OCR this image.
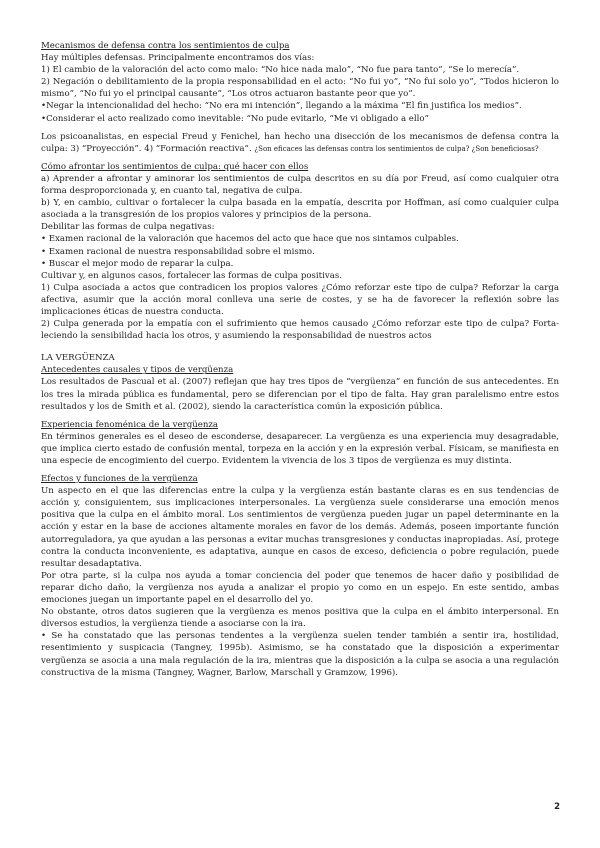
Mecanismos de defensa contra los sentimientos de culpa

Hay múltiples defensas. Principalmente encontramos dos vías:

1) El cambio de la valoración del acto como malo: “No hice nada malo”, “No fue para tanto”, “Se lo merecía”.

2) Negación o debilitamiento de la propia responsabilidad en el acto: “No fui yo”, “No fui solo yo”, “Todos hicieron lo mismo”, “No fui yo el principal causante”, “Los otros actuaron bastante peor que yo”.

•Negar la intencionalidad del hecho: “No era mi intención”, llegando a la máxima “El fin justifica los medios”.

•Considerar el acto realizado como inevitable: “No pude evitarlo, “Me vi obligado a ello”

Los psicoanalistas, en especial Freud y Fenichel, han hecho una disección de los mecanismos de defensa contra la culpa: 3) “Proyección”. 4) “Formación reactiva”. ¿Son eficaces las defensas contra los sentimientos de culpa? ¿Son beneficiosas?

Cómo afrontar los sentimientos de culpa: qué hacer con ellos

a) Aprender a afrontar y aminorar los sentimientos de culpa descritos en su día por Freud, así como cualquier otra forma desproporcionada y, en cuanto tal, negativa de culpa.

b) Y, en cambio, cultivar o fortalecer la culpa basada en la empatía, descrita por Hoffman, así como cualquier culpa asociada a la transgresión de los propios valores y principios de la persona.

Debilitar las formas de culpa negativas:

• Examen racional de la valoración que hacemos del acto que hace que nos sintamos culpables.

• Examen racional de nuestra responsabilidad sobre el mismo.

• Buscar el mejor modo de reparar la culpa.

Cultivar y, en algunos casos, fortalecer las formas de culpa positivas.

1) Culpa asociada a actos que contradicen los propios valores ¿Cómo reforzar este tipo de culpa? Reforzar la carga afectiva, asumir que la acción moral conlleva una serie de costes, y se ha de favorecer la reflexión sobre las implicaciones éticas de nuestra conducta.

2) Culpa generada por la empatía con el sufrimiento que hemos causado ¿Cómo reforzar este tipo de culpa? Forta-leciendo la sensibilidad hacia los otros, y asumiendo la responsabilidad de nuestros actos

LA VERGÜENZA

Antecedentes causales y tipos de vergüenza

Los resultados de Pascual et al. (2007) reflejan que hay tres tipos de “vergüenza” en función de sus antecedentes. En los tres la mirada pública es fundamental, pero se diferencian por el tipo de falta. Hay gran paralelismo entre estos resultados y los de Smith et al. (2002), siendo la característica común la exposición pública.

Experiencia fenoménica de la vergüenza

En términos generales es el deseo de esconderse, desaparecer. La vergüenza es una experiencia muy desagradable, que implica cierto estado de confusión mental, torpeza en la acción y en la expresión verbal. Físicam, se manifiesta en una especie de encogimiento del cuerpo. Evidentem la vivencia de los 3 tipos de vergüenza es muy distinta.

Efectos y funciones de la vergüenza

Un aspecto en el que las diferencias entre la culpa y la vergüenza están bastante claras es en sus tendencias de acción y, consiguientem, sus implicaciones interpersonales. La vergüenza suele considerarse una emoción menos positiva que la culpa en el ámbito moral. Los sentimientos de vergüenza pueden jugar un papel determinante en la acción y estar en la base de acciones altamente morales en favor de los demás. Además, poseen importante función autorreguladora, ya que ayudan a las personas a evitar muchas transgresiones y conductas inapropiadas. Así, protege contra la conducta inconveniente, es adaptativa, aunque en casos de exceso, deficiencia o pobre regulación, puede resultar desadaptativa.

Por otra parte, si la culpa nos ayuda a tomar conciencia del poder que tenemos de hacer daño y posibilidad de reparar dicho daño, la vergüenza nos ayuda a analizar el propio yo como en un espejo. En este sentido, ambas emociones juegan un importante papel en el desarrollo del yo.

No obstante, otros datos sugieren que la vergüenza es menos positiva que la culpa en el ámbito interpersonal. En diversos estudios, la vergüenza tiende a asociarse con la ira.

• Se ha constatado que las personas tendentes a la vergüenza suelen tender también a sentir ira, hostilidad, resentimiento y suspicacia (Tangney, 1995b). Asimismo, se ha constatado que la disposición a experimentar vergüenza se asocia a una mala regulación de la ira, mientras que la disposición a la culpa se asocia a una regulación constructiva de la misma (Tangney, Wagner, Barlow, Marschall y Gramzow, 1996).

2
